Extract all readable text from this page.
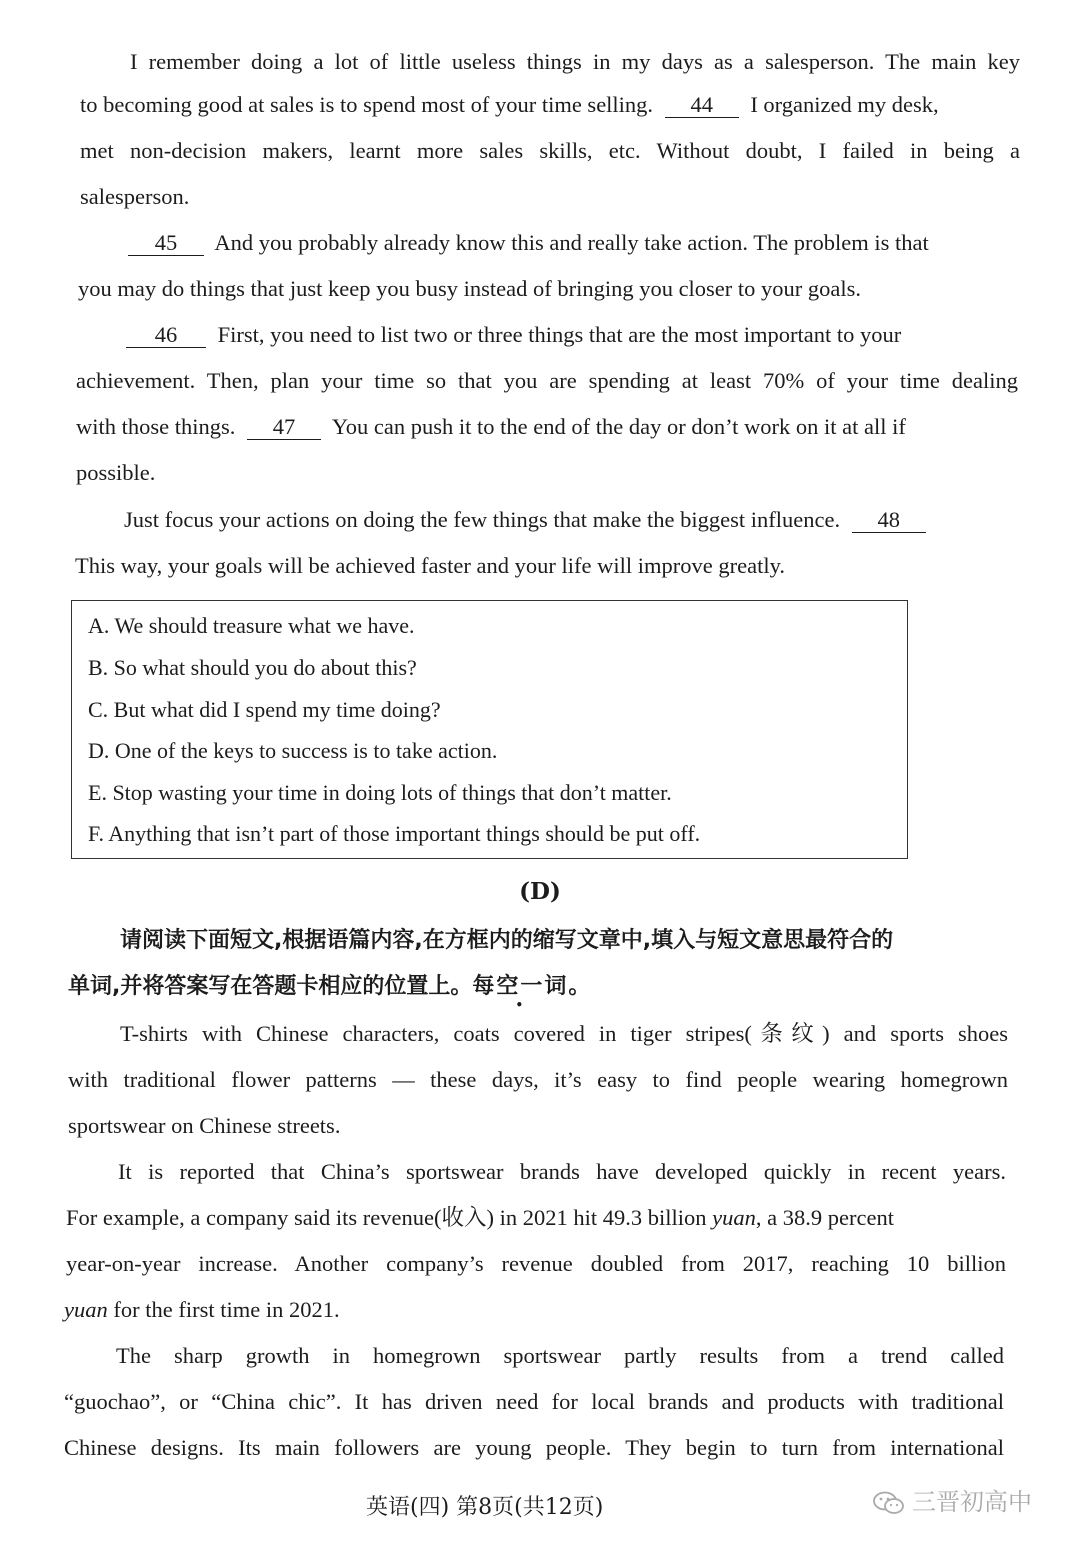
I remember doing a lot of little useless things in my days as a salesperson. The main key
to becoming good at sales is to spend most of your time selling. 44 I organized my desk,
met non-decision makers, learnt more sales skills, etc. Without doubt, I failed in being a
salesperson.
45 And you probably already know this and really take action. The problem is that
you may do things that just keep you busy instead of bringing you closer to your goals.
46 First, you need to list two or three things that are the most important to your
achievement. Then, plan your time so that you are spending at least 70% of your time dealing
with those things. 47 You can push it to the end of the day or don’t work on it at all if
possible.
Just focus your actions on doing the few things that make the biggest influence. 48
This way, your goals will be achieved faster and your life will improve greatly.
A. We should treasure what we have.
B. So what should you do about this?
C. But what did I spend my time doing?
D. One of the keys to success is to take action.
E. Stop wasting your time in doing lots of things that don’t matter.
F. Anything that isn’t part of those important things should be put off.
(D)
请阅读下面短文,根据语篇内容,在方框内的缩写文章中,填入与短文意思最符合的
单词,并将答案写在答题卡相应的位置上。每空一词。
T-shirts with Chinese characters, coats covered in tiger stripes(条纹) and sports shoes
with traditional flower patterns — these days, it’s easy to find people wearing homegrown
sportswear on Chinese streets.
It is reported that China’s sportswear brands have developed quickly in recent years.
For example, a company said its revenue(收入) in 2021 hit 49.3 billion yuan, a 38.9 percent
year-on-year increase. Another company’s revenue doubled from 2017, reaching 10 billion
yuan for the first time in 2021.
The sharp growth in homegrown sportswear partly results from a trend called
“guochao”, or “China chic”. It has driven need for local brands and products with traditional
Chinese designs. Its main followers are young people. They begin to turn from international
英语(四) 第8页(共12页)	三晋初高中
